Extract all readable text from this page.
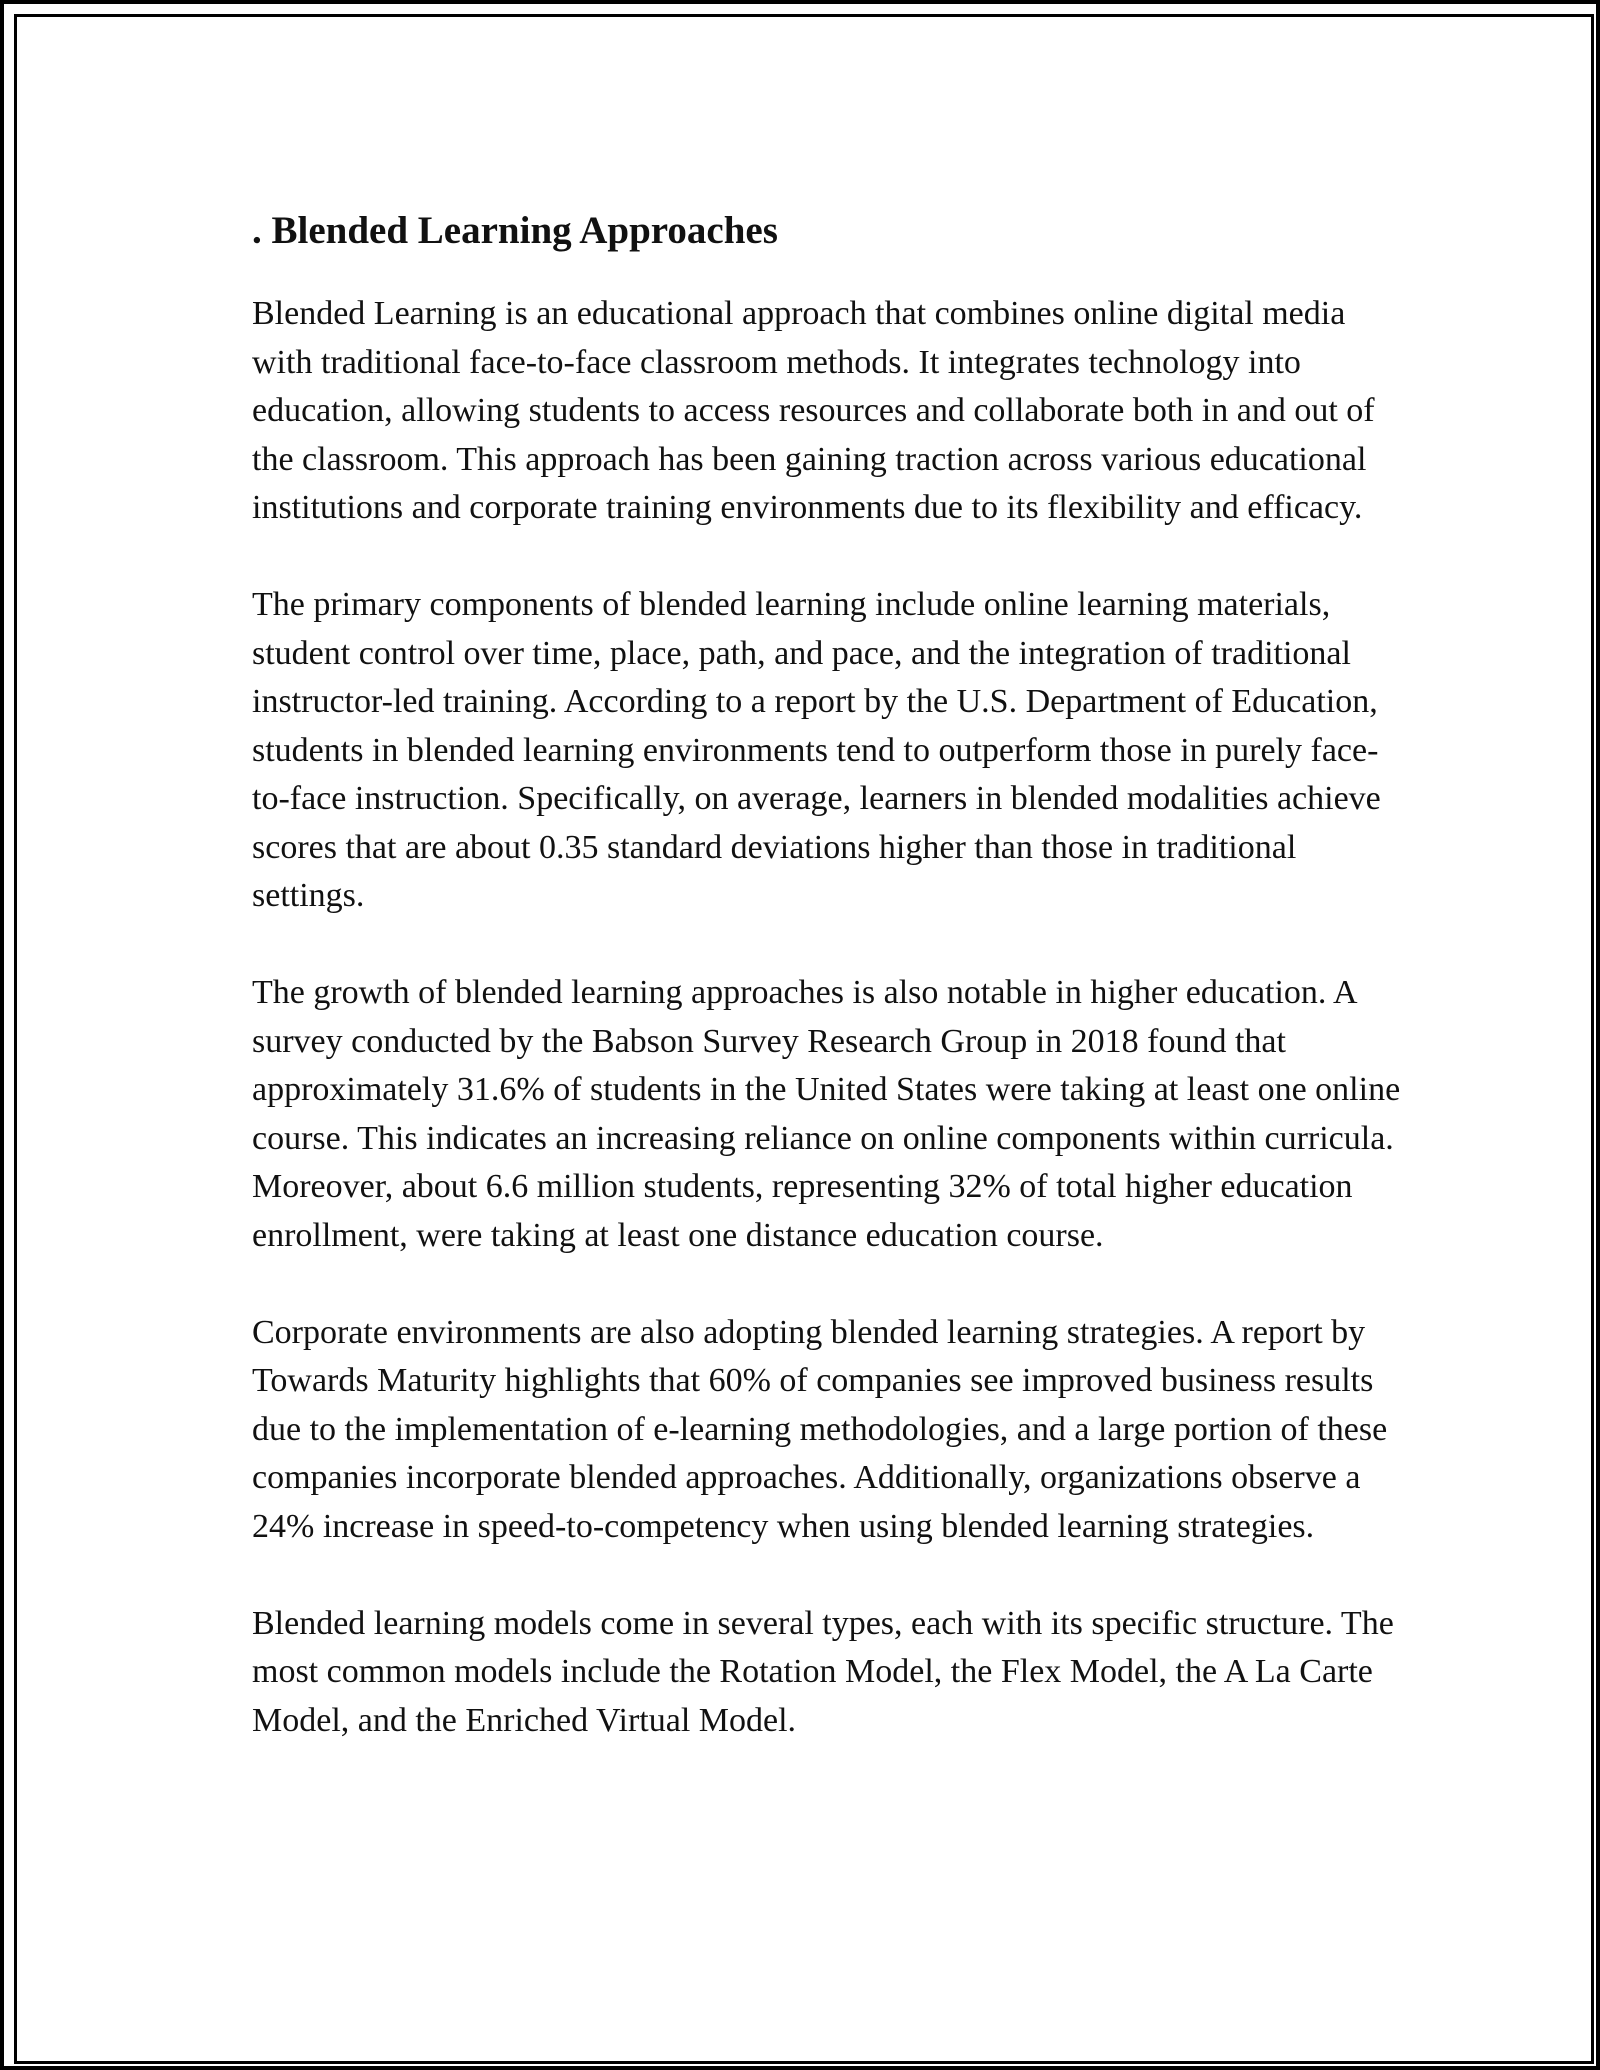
. Blended Learning Approaches

Blended Learning is an educational approach that combines online digital media with traditional face-to-face classroom methods. It integrates technology into education, allowing students to access resources and collaborate both in and out of the classroom. This approach has been gaining traction across various educational institutions and corporate training environments due to its flexibility and efficacy.

The primary components of blended learning include online learning materials, student control over time, place, path, and pace, and the integration of traditional instructor-led training. According to a report by the U.S. Department of Education, students in blended learning environments tend to outperform those in purely face-to-face instruction. Specifically, on average, learners in blended modalities achieve scores that are about 0.35 standard deviations higher than those in traditional settings.

The growth of blended learning approaches is also notable in higher education. A survey conducted by the Babson Survey Research Group in 2018 found that approximately 31.6% of students in the United States were taking at least one online course. This indicates an increasing reliance on online components within curricula. Moreover, about 6.6 million students, representing 32% of total higher education enrollment, were taking at least one distance education course.

Corporate environments are also adopting blended learning strategies. A report by Towards Maturity highlights that 60% of companies see improved business results due to the implementation of e-learning methodologies, and a large portion of these companies incorporate blended approaches. Additionally, organizations observe a 24% increase in speed-to-competency when using blended learning strategies.

Blended learning models come in several types, each with its specific structure. The most common models include the Rotation Model, the Flex Model, the A La Carte Model, and the Enriched Virtual Model.
